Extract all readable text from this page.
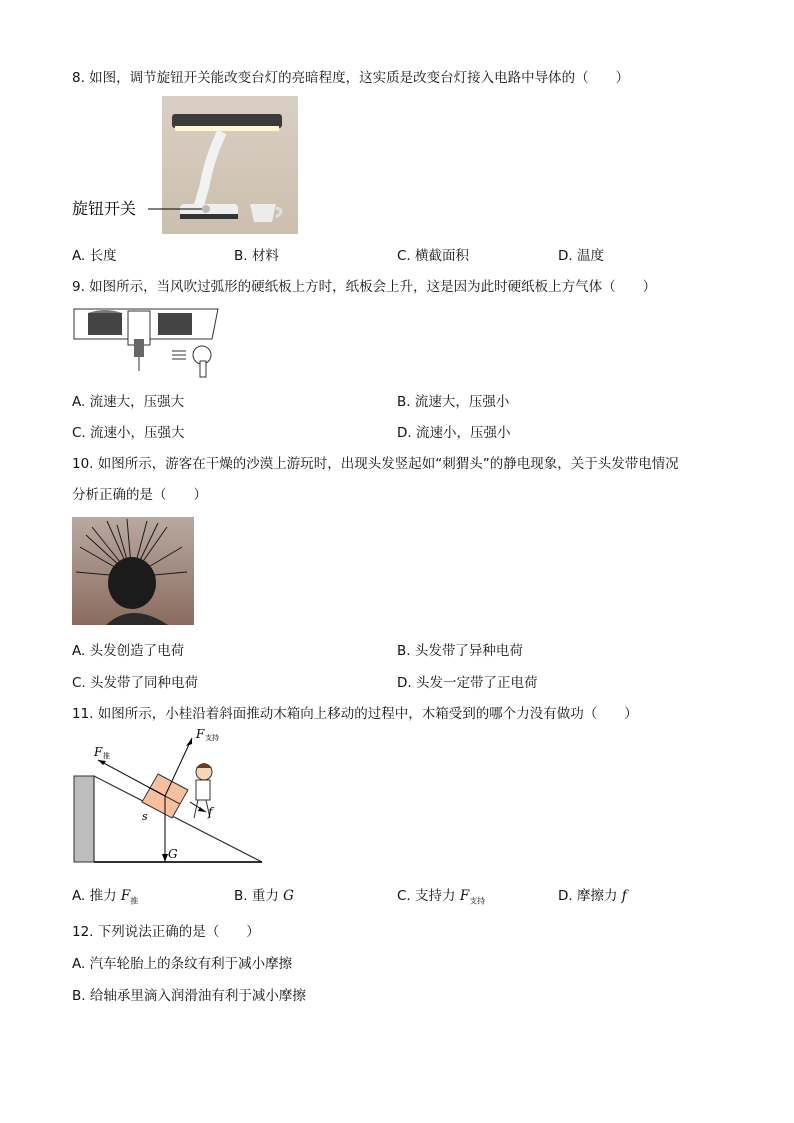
8. 如图，调节旋钮开关能改变台灯的亮暗程度，这实质是改变台灯接入电路中导体的（　　）
旋钮开关
A. 长度	B. 材料	C. 横截面积	D. 温度
9. 如图所示，当风吹过弧形的硬纸板上方时，纸板会上升，这是因为此时硬纸板上方气体（　　）
A. 流速大，压强大	B. 流速大，压强小
C. 流速小，压强大	D. 流速小，压强小
10. 如图所示，游客在干燥的沙漠上游玩时，出现头发竖起如“刺猬头”的静电现象，关于头发带电情况
分析正确的是（　　）
A. 头发创造了电荷	B. 头发带了异种电荷
C. 头发带了同种电荷	D. 头发一定带了正电荷
11. 如图所示，小桂沿着斜面推动木箱向上移动的过程中，木箱受到的哪个力没有做功（　　）
F 推
F 支持
f
G
s
A. 推力 $F_推$	B. 重力 G	C. 支持力 $F_{支持}$	D. 摩擦力 f
12. 下列说法正确的是（　　）
A. 汽车轮胎上的条纹有利于减小摩擦
B. 给轴承里滴入润滑油有利于减小摩擦
